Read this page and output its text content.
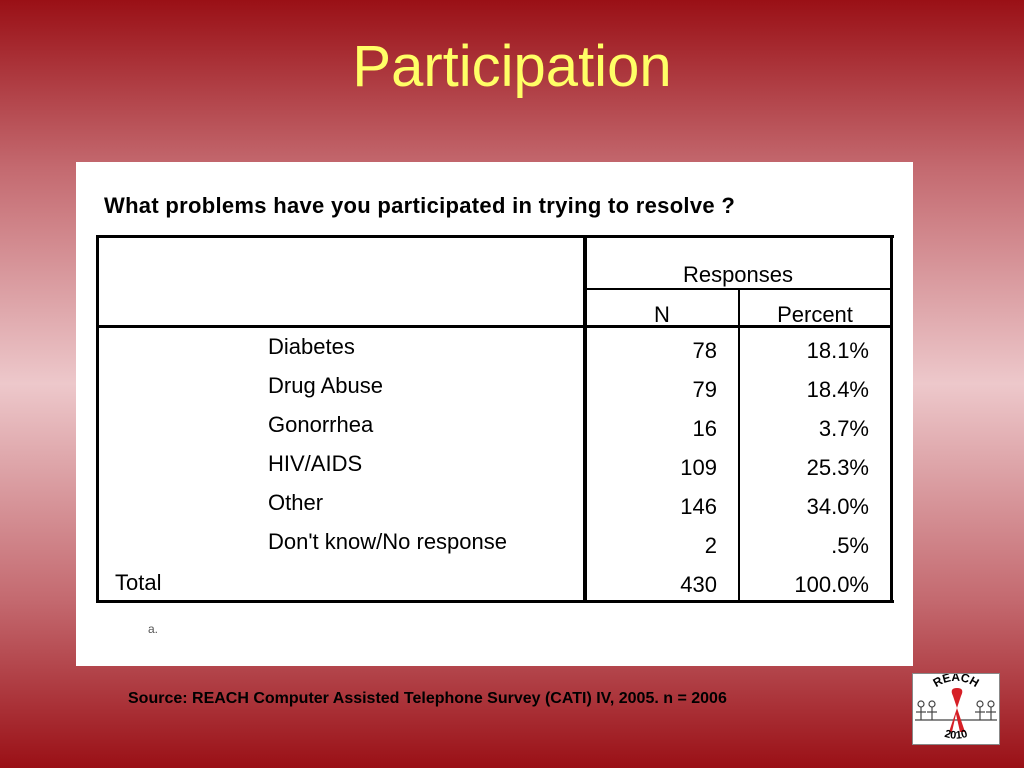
Participation
What problems have you participated in trying to resolve ?
Responses
N	Percent
Diabetes	78	18.1%
Drug Abuse	79	18.4%
Gonorrhea	16	3.7%
HIV/AIDS	109	25.3%
Other	146	34.0%
Don't know/No response	2	.5%
Total	430	100.0%
a.
Source: REACH Computer Assisted Telephone Survey (CATI) IV, 2005. n = 2006
REACH
2010
